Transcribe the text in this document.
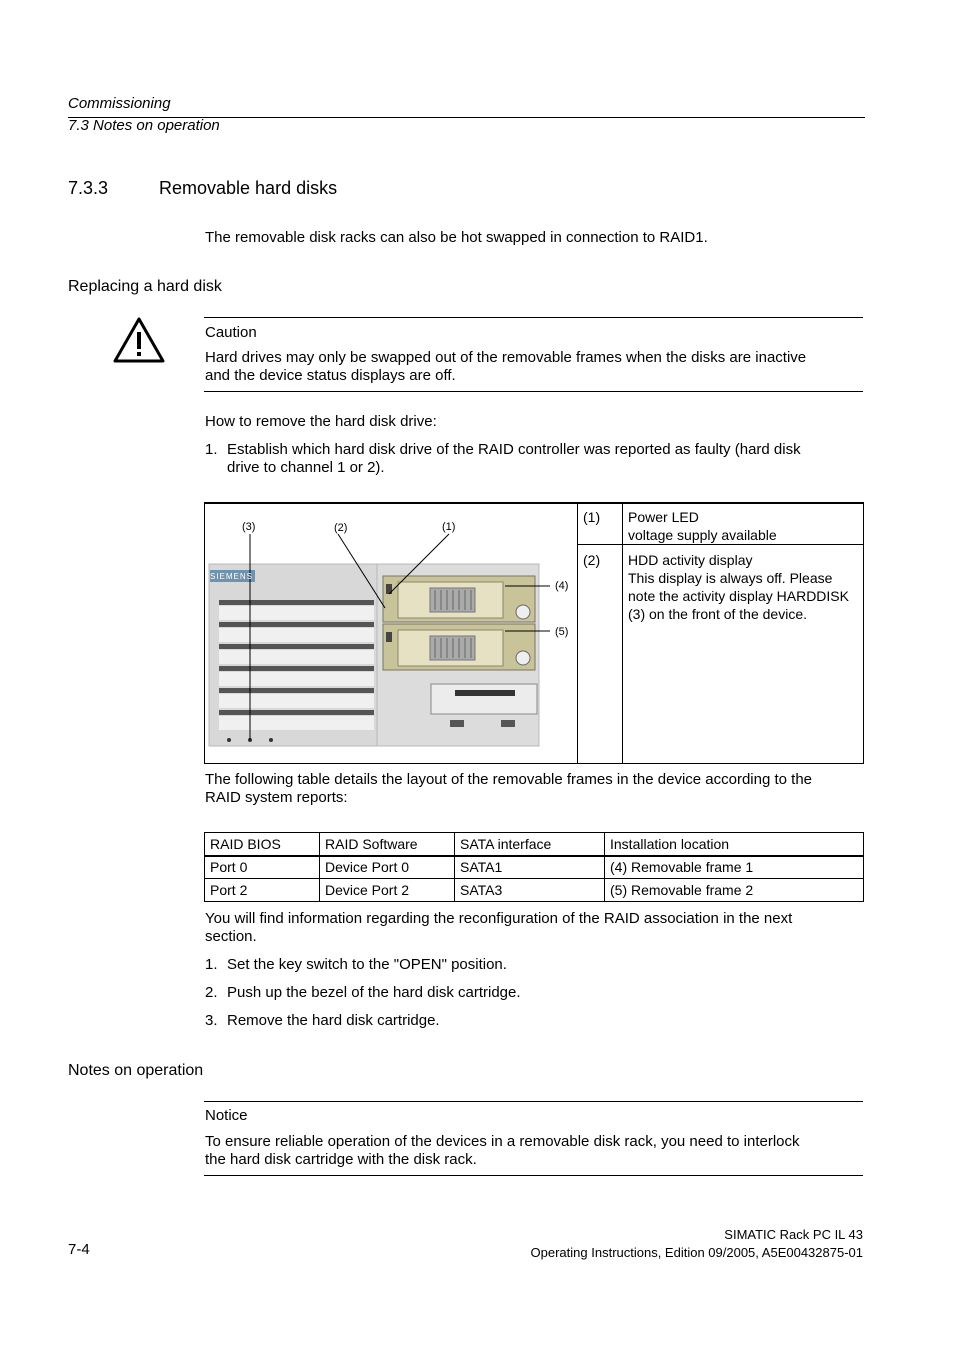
Commissioning
7.3 Notes on operation
7.3.3	Removable hard disks
The removable disk racks can also be hot swapped in connection to RAID1.
Replacing a hard disk
Caution
Hard drives may only be swapped out of the removable frames when the disks are inactive
and the device status displays are off.
How to remove the hard disk drive:
1. Establish which hard disk drive of the RAID controller was reported as faulty (hard disk
drive to channel 1 or 2).
SIEMENS
(3)	(2)	(1)
(4)
(5)
(1) Power LED
voltage supply available
(2) HDD activity display
This display is always off. Please
note the activity display HARDDISK
(3) on the front of the device.
The following table details the layout of the removable frames in the device according to the
RAID system reports:
RAID BIOS	RAID Software	SATA interface	Installation location
Port 0	Device Port 0	SATA1	(4) Removable frame 1
Port 2	Device Port 2	SATA3	(5) Removable frame 2
You will find information regarding the reconfiguration of the RAID association in the next
section.
1. Set the key switch to the "OPEN" position.
2. Push up the bezel of the hard disk cartridge.
3. Remove the hard disk cartridge.
Notes on operation
Notice
To ensure reliable operation of the devices in a removable disk rack, you need to interlock
the hard disk cartridge with the disk rack.
7-4
SIMATIC Rack PC IL 43
Operating Instructions, Edition 09/2005, A5E00432875-01
